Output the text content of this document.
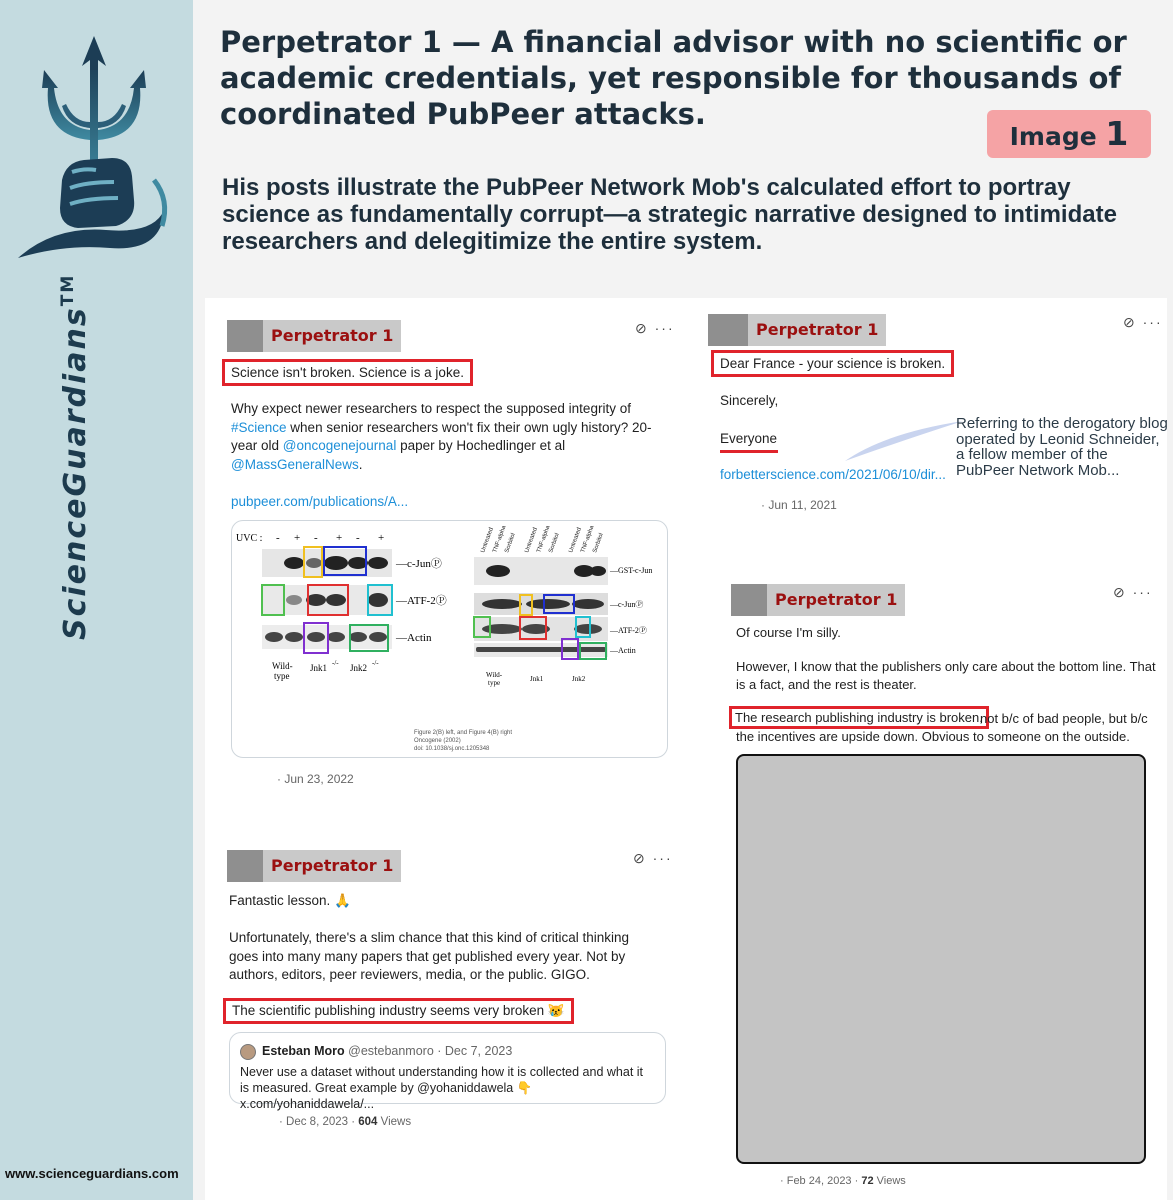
ScienceGuardians™
www.scienceguardians.com
Perpetrator 1 — A financial advisor with no scientific or academic credentials, yet responsible for thousands of coordinated PubPeer attacks.
Image 1
His posts illustrate the PubPeer Network Mob's calculated effort to portray science as fundamentally corrupt—a strategic narrative designed to intimidate researchers and delegitimize the entire system.
Perpetrator 1	⊘ ···
Science isn't broken. Science is a joke.
Why expect newer researchers to respect the supposed integrity of #Science when senior researchers won't fix their own ugly history? 20-year old @oncogenejournal paper by Hochedlinger et al @MassGeneralNews.
pubpeer.com/publications/A...
UVC : - + - + - +
—c-JunⓅ
—ATF-2Ⓟ
—Actin
Wild-
type
Jnk1 -/- Jnk2 -/-
Untreated
TNF-alpha
Sorbitol Untreated
TNF-alpha
Sorbitol Untreated
TNF-alpha
Sorbitol
—GST-c-Jun
—c-JunⓅ
—ATF-2Ⓟ
—Actin
Wild-
type	Jnk1	Jnk2
Figure 2(B) left, and Figure 4(B) right
Oncogene (2002)
doi: 10.1038/sj.onc.1205348
· Jun 23, 2022
Perpetrator 1	⊘ ···
Dear France - your science is broken.
Sincerely,
Everyone
forbetterscience.com/2021/06/10/dir...
· Jun 11, 2021
Referring to the derogatory blog operated by Leonid Schneider, a fellow member of the PubPeer Network Mob...
Perpetrator 1	⊘ ···
Of course I'm silly.
However, I know that the publishers only care about the bottom line. That is a fact, and the rest is theater.
The research publishing industry is broken,
not b/c of bad people, but b/c the incentives are upside down. Obvious to someone on the outside.
· Feb 24, 2023 · 72 Views
Perpetrator 1	⊘ ···
Fantastic lesson. 🙏
Unfortunately, there's a slim chance that this kind of critical thinking goes into many many papers that get published every year. Not by authors, editors, peer reviewers, media, or the public. GIGO.
The scientific publishing industry seems very broken 😿
Esteban Moro @estebanmoro · Dec 7, 2023
Never use a dataset without understanding how it is collected and what it is measured. Great example by @yohaniddawela 👇 x.com/yohaniddawela/...
· Dec 8, 2023 · 604 Views
